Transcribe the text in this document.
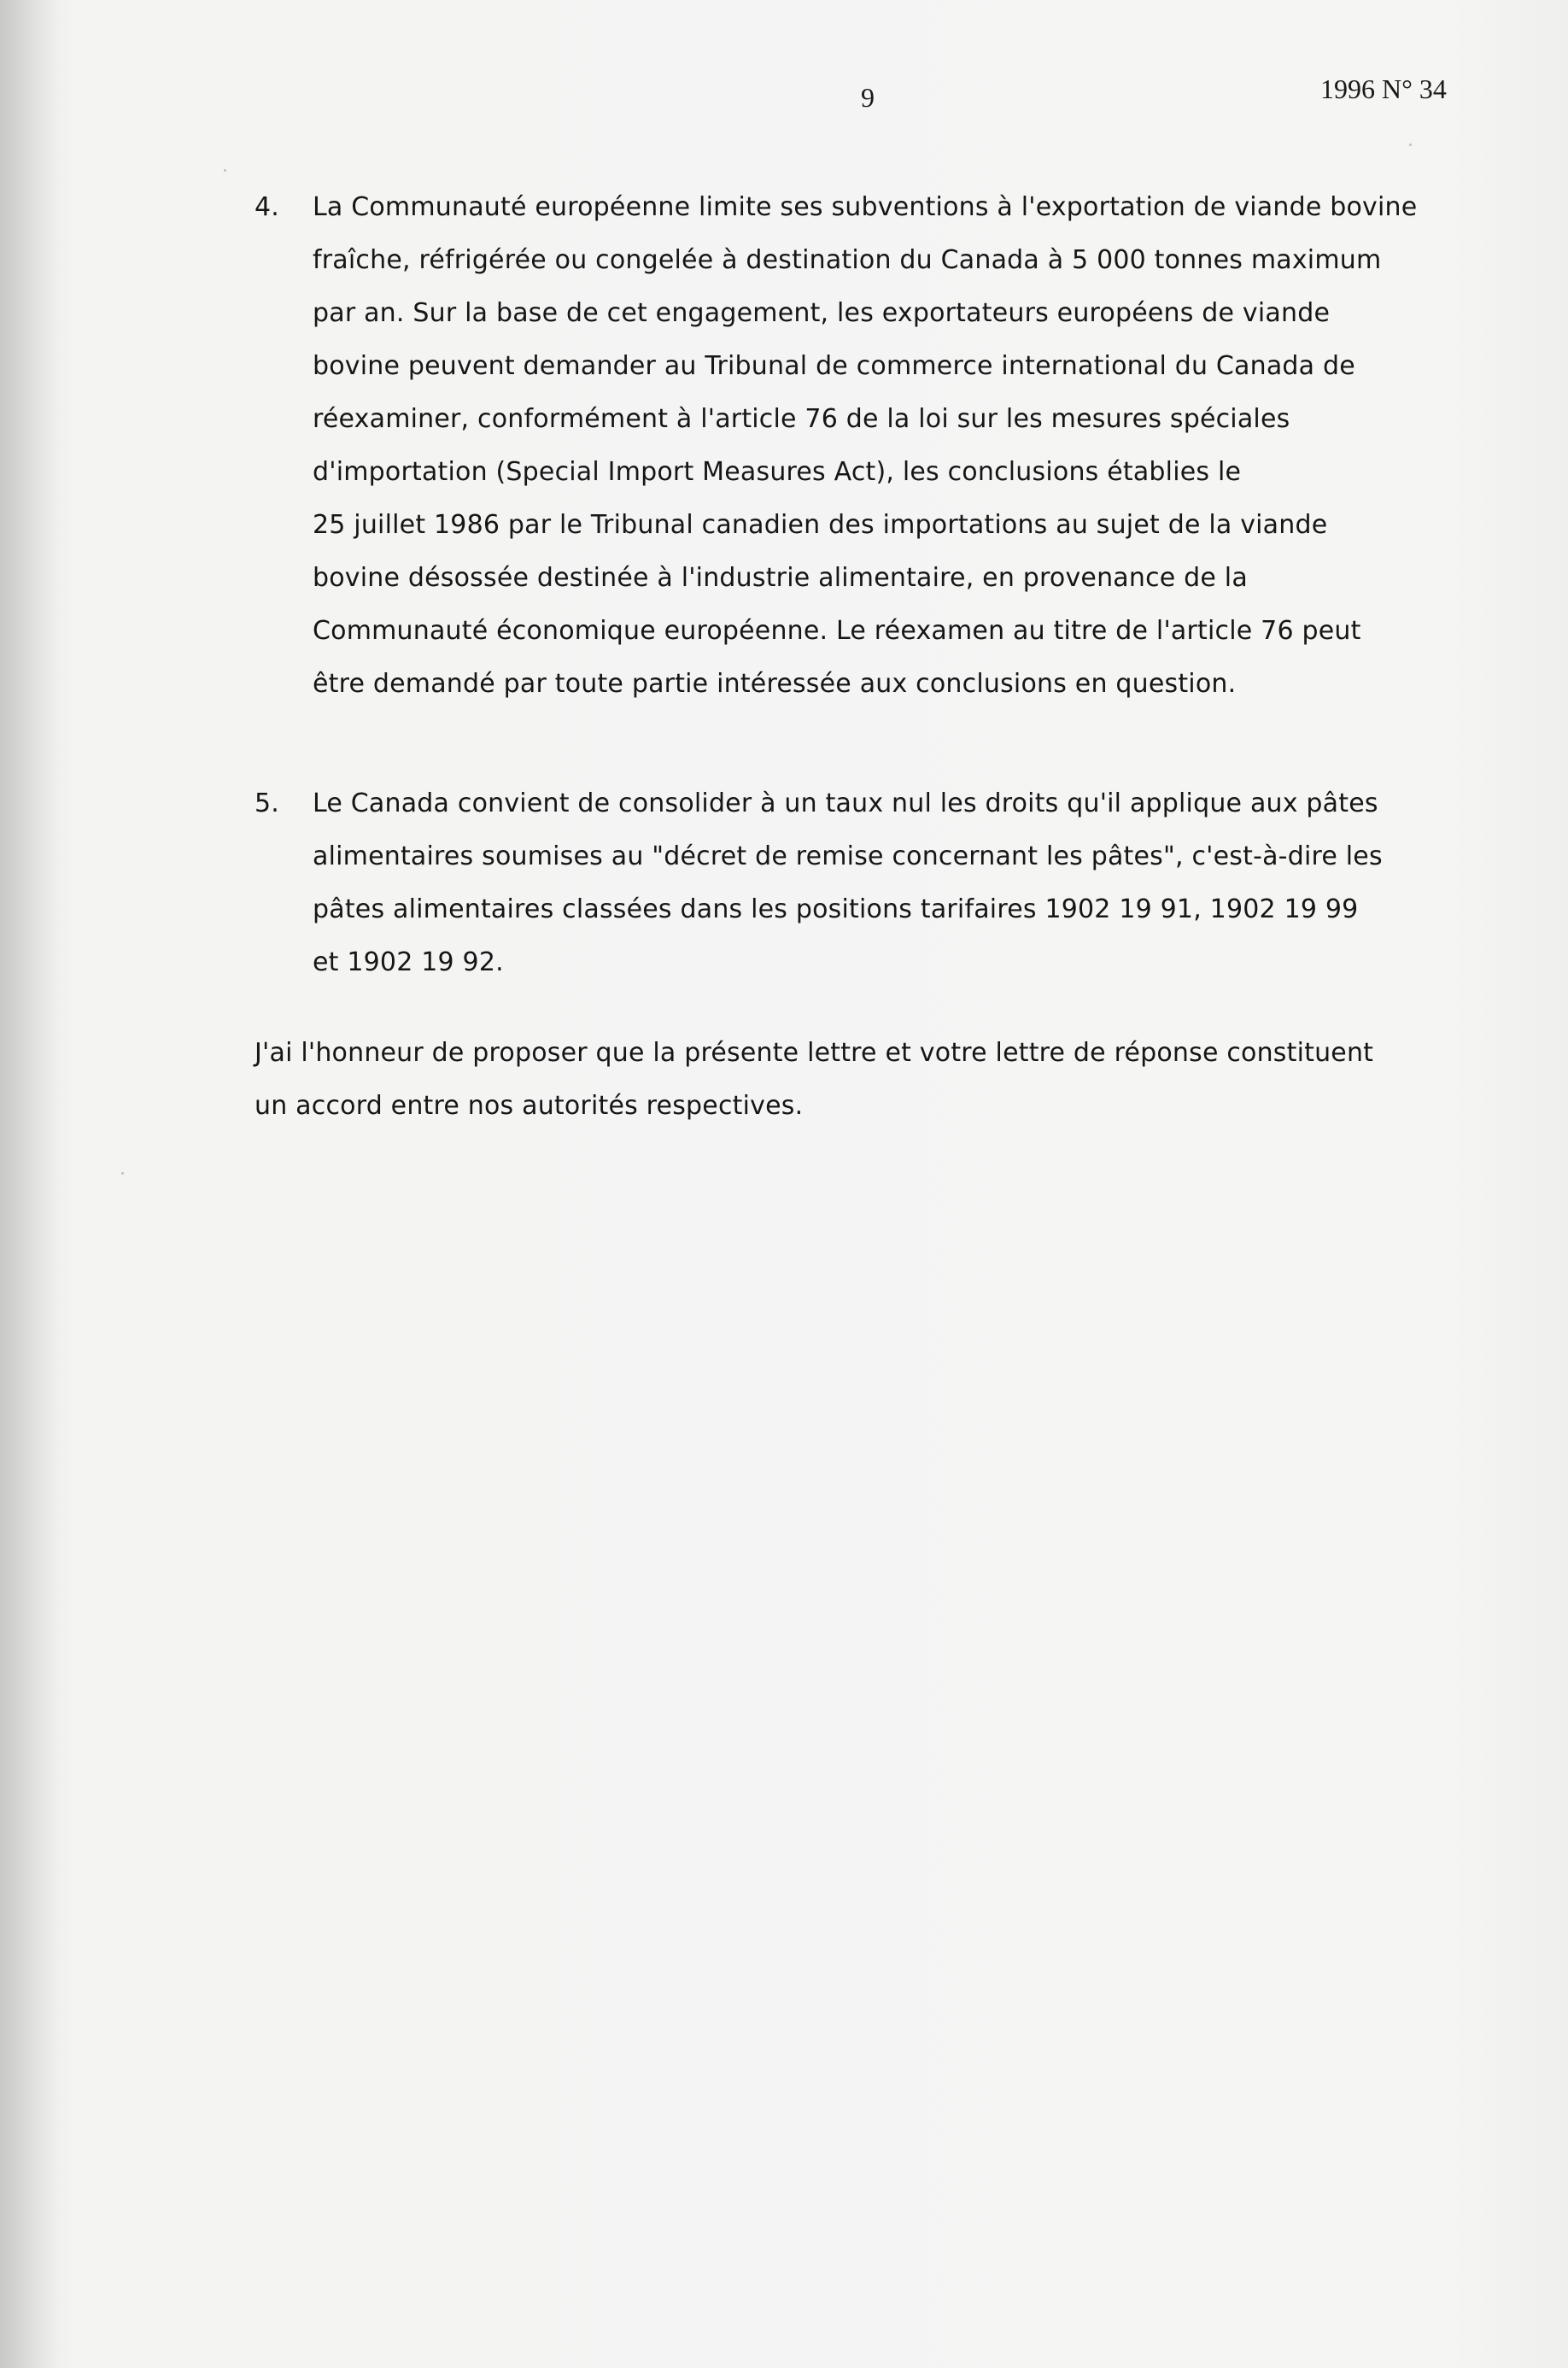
9	1996 N° 34
4.	La Communauté européenne limite ses subventions à l'exportation de viande bovine
fraîche, réfrigérée ou congelée à destination du Canada à 5 000 tonnes maximum
par an. Sur la base de cet engagement, les exportateurs européens de viande
bovine peuvent demander au Tribunal de commerce international du Canada de
réexaminer, conformément à l'article 76 de la loi sur les mesures spéciales
d'importation (Special Import Measures Act), les conclusions établies le
25 juillet 1986 par le Tribunal canadien des importations au sujet de la viande
bovine désossée destinée à l'industrie alimentaire, en provenance de la
Communauté économique européenne. Le réexamen au titre de l'article 76 peut
être demandé par toute partie intéressée aux conclusions en question.
5.	Le Canada convient de consolider à un taux nul les droits qu'il applique aux pâtes
alimentaires soumises au "décret de remise concernant les pâtes", c'est-à-dire les
pâtes alimentaires classées dans les positions tarifaires 1902 19 91, 1902 19 99
et 1902 19 92.
J'ai l'honneur de proposer que la présente lettre et votre lettre de réponse constituent
un accord entre nos autorités respectives.
